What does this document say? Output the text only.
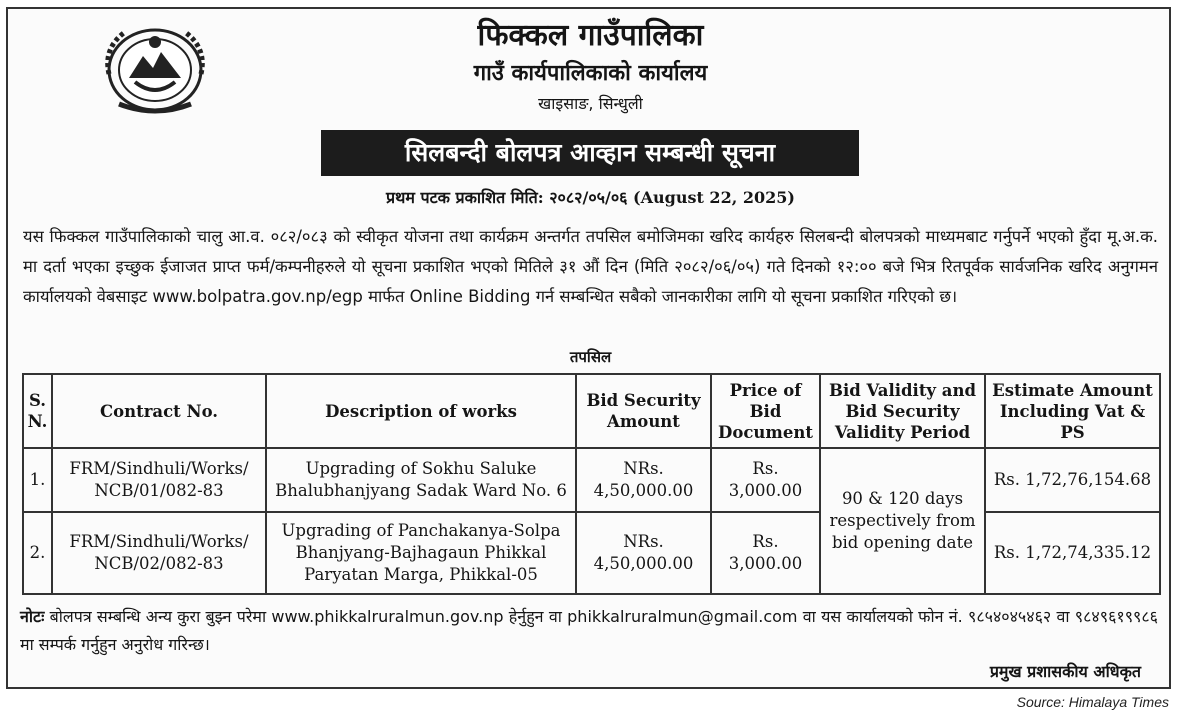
फिक्कल गाउँपालिका
गाउँ कार्यपालिकाको कार्यालय
खाइसाङ, सिन्धुली
सिलबन्दी बोलपत्र आव्हान सम्बन्धी सूचना
प्रथम पटक प्रकाशित मिति: २०८२/०५/०६ (August 22, 2025)
यस फिक्कल गाउँपालिकाको चालु आ.व. ०८२/०८३ को स्वीकृत योजना तथा कार्यक्रम अन्तर्गत तपसिल बमोजिमका खरिद कार्यहरु सिलबन्दी बोलपत्रको माध्यमबाट गर्नुपर्ने भएको हुँदा मू.अ.क. मा दर्ता भएका इच्छुक ईजाजत प्राप्त फर्म/कम्पनीहरुले यो सूचना प्रकाशित भएको मितिले ३१ औं दिन (मिति २०८२/०६/०५) गते दिनको १२:०० बजे भित्र रितपूर्वक सार्वजनिक खरिद अनुगमन कार्यालयको वेबसाइट www.bolpatra.gov.np/egp मार्फत Online Bidding गर्न सम्बन्धित सबैको जानकारीका लागि यो सूचना प्रकाशित गरिएको छ।
तपसिल
S. N.	Contract No.	Description of works	Bid Security Amount	Price of Bid Document	Bid Validity and Bid Security Validity Period	Estimate Amount Including Vat & PS
1.	FRM/Sindhuli/Works/ NCB/01/082-83	Upgrading of Sokhu Saluke Bhalubhanjyang Sadak Ward No. 6	NRs. 4,50,000.00	Rs. 3,000.00	90 & 120 days respectively from bid opening date	Rs. 1,72,76,154.68
2.	FRM/Sindhuli/Works/ NCB/02/082-83	Upgrading of Panchakanya-Solpa Bhanjyang-Bajhagaun Phikkal Paryatan Marga, Phikkal-05	NRs. 4,50,000.00	Rs. 3,000.00		Rs. 1,72,74,335.12
नोटः बोलपत्र सम्बन्धि अन्य कुरा बुझ्न परेमा www.phikkalruralmun.gov.np हेर्नुहुन वा phikkalruralmun@gmail.com वा यस कार्यालयको फोन नं. ९८५४०४५४६२ वा ९८४९६१९९८६ मा सम्पर्क गर्नुहुन अनुरोध गरिन्छ।
प्रमुख प्रशासकीय अधिकृत
Source: Himalaya Times
